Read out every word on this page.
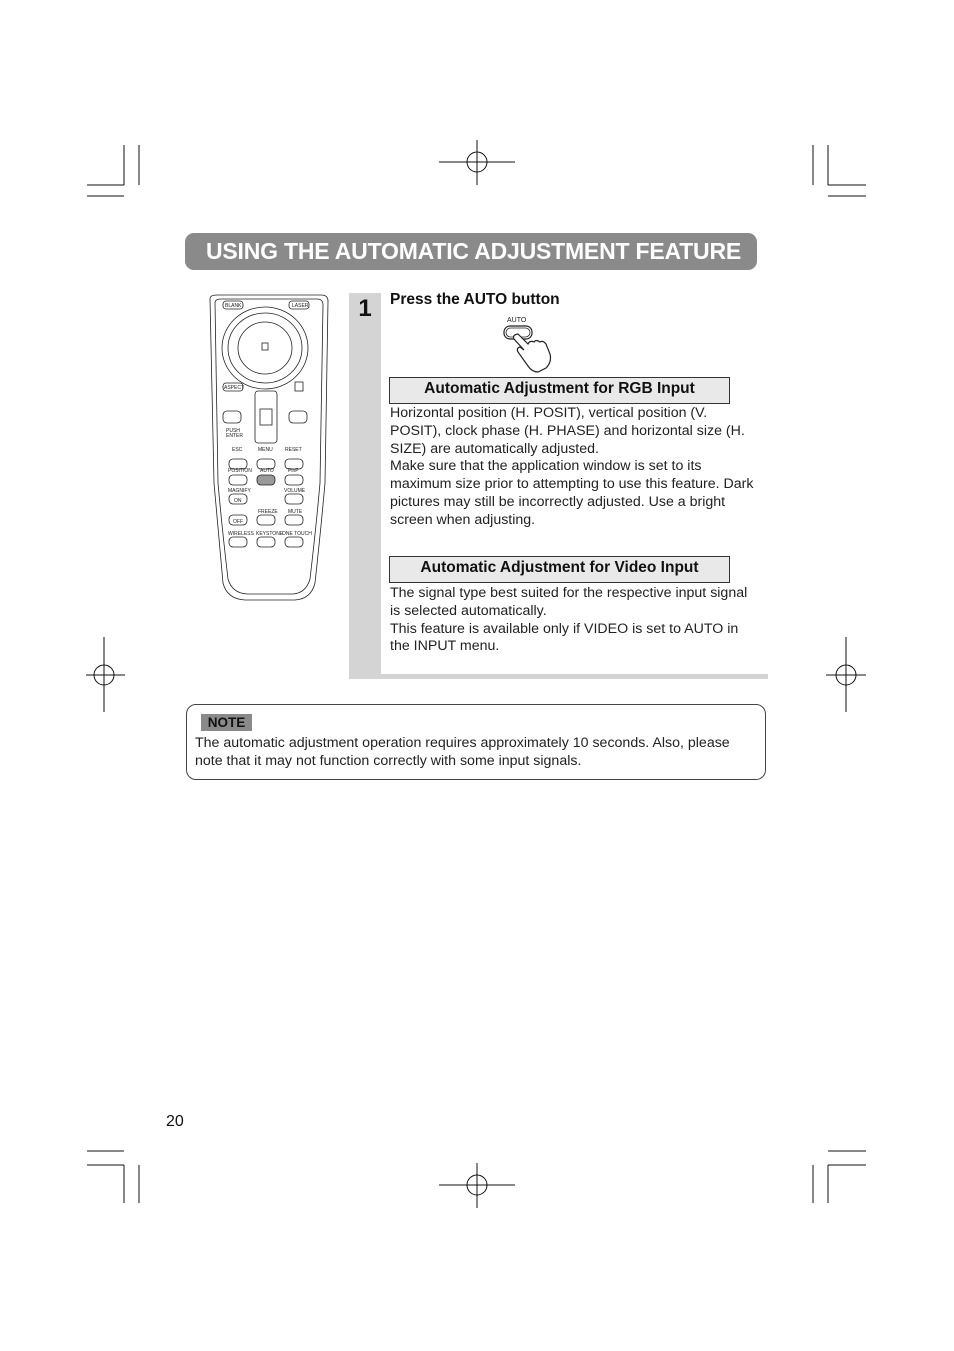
USING THE AUTOMATIC ADJUSTMENT FEATURE
BLANK	LASER
ASPECT
PUSH
ENTER
ESC	MENU RESET
POSITION AUTO	PinP
MAGNIFY
ON
VOLUME
FREEZE MUTE
OFF
WIRELESS KEYSTONE
ONE TOUCH
1	Press the AUTO button
AUTO
Automatic Adjustment for RGB Input

Horizontal position (H. POSIT), vertical position (V. POSIT), clock phase (H. PHASE) and horizontal size (H. SIZE) are automatically adjusted.

Make sure that the application window is set to its maximum size prior to attempting to use this feature. Dark pictures may still be incorrectly adjusted. Use a bright screen when adjusting.

Automatic Adjustment for Video Input

The signal type best suited for the respective input signal is selected automatically.

This feature is available only if VIDEO is set to AUTO in the INPUT menu.

NOTE
The automatic adjustment operation requires approximately 10 seconds. Also, please note that it may not function correctly with some input signals.
20
